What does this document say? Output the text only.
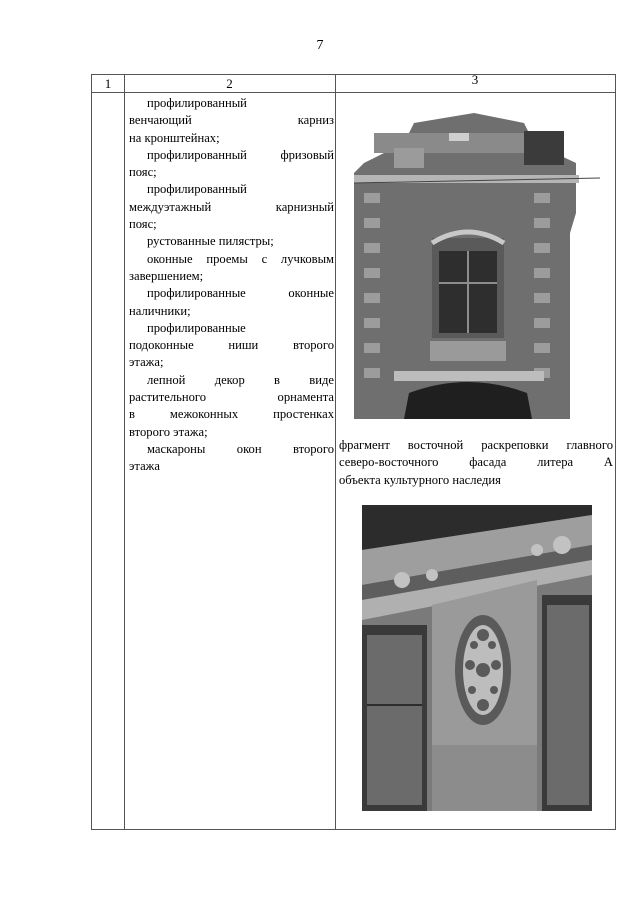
7
1	2	3
профилированный
венчающий карниз
на кронштейнах;
профилированный фризовый
пояс;
профилированный
междуэтажный карнизный
пояс;
рустованные пилястры;
оконные проемы с лучковым
завершением;
профилированные оконные
наличники;
профилированные
подоконные ниши второго
этажа;
лепной декор в виде
растительного орнамента
в межоконных простенках
второго этажа;
маскароны окон второго
этажа
фрагмент восточной раскреповки главного
северо-восточного фасада литера А
объекта культурного наследия
